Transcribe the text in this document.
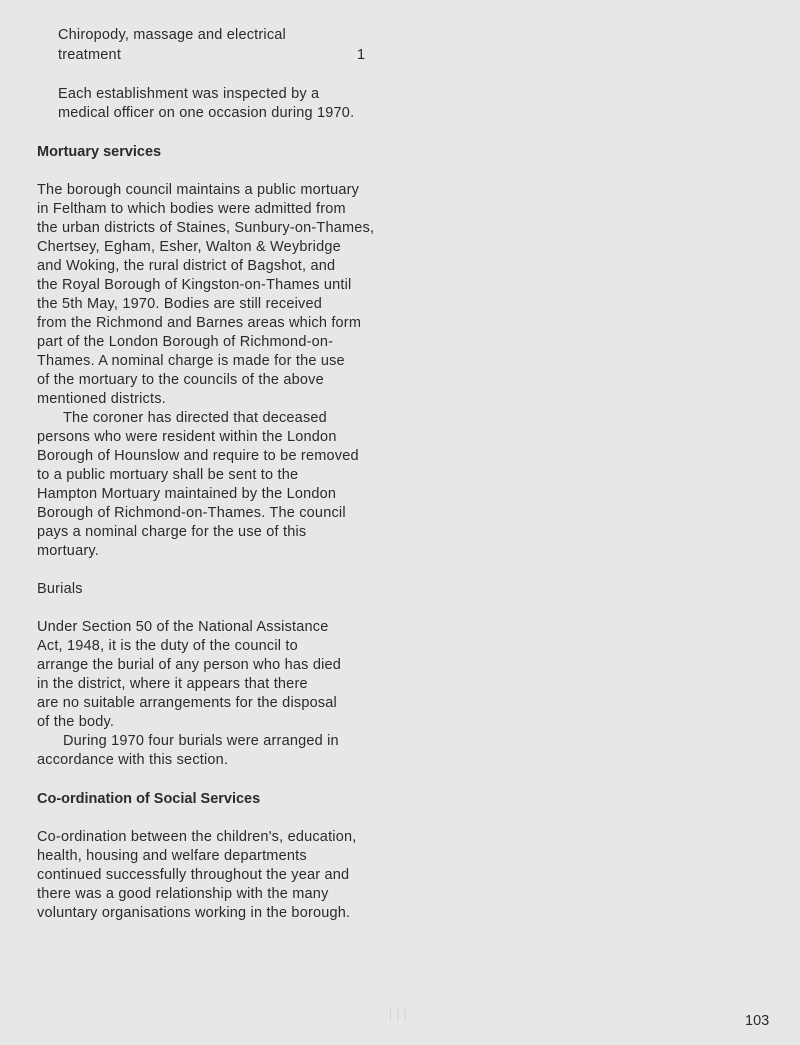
Chiropody, massage and electrical
treatment	1
Each establishment was inspected by a
medical officer on one occasion during 1970.
Mortuary services
The borough council maintains a public mortuary
in Feltham to which bodies were admitted from
the urban districts of Staines, Sunbury-on-Thames,
Chertsey, Egham, Esher, Walton & Weybridge
and Woking, the rural district of Bagshot, and
the Royal Borough of Kingston-on-Thames until
the 5th May, 1970. Bodies are still received
from the Richmond and Barnes areas which form
part of the London Borough of Richmond-on-
Thames. A nominal charge is made for the use
of the mortuary to the councils of the above
mentioned districts.
The coroner has directed that deceased
persons who were resident within the London
Borough of Hounslow and require to be removed
to a public mortuary shall be sent to the
Hampton Mortuary maintained by the London
Borough of Richmond-on-Thames. The council
pays a nominal charge for the use of this
mortuary.
Burials
Under Section 50 of the National Assistance
Act, 1948, it is the duty of the council to
arrange the burial of any person who has died
in the district, where it appears that there
are no suitable arrangements for the disposal
of the body.
During 1970 four burials were arranged in
accordance with this section.
Co-ordination of Social Services
Co-ordination between the children's, education,
health, housing and welfare departments
continued successfully throughout the year and
there was a good relationship with the many
voluntary organisations working in the borough.
│││	103
